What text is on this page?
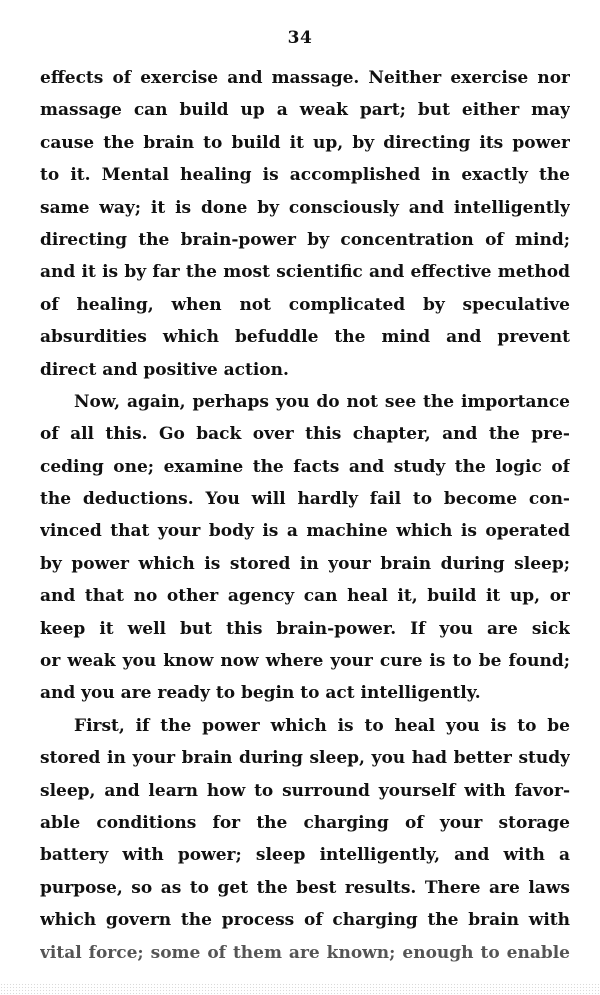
34
effects of exercise and massage. Neither exercise nor
massage can build up a weak part; but either may
cause the brain to build it up, by directing its power
to it. Mental healing is accomplished in exactly the
same way; it is done by consciously and intelligently
directing the brain-power by concentration of mind;
and it is by far the most scientific and effective method
of healing, when not complicated by speculative
absurdities which befuddle the mind and prevent
direct and positive action.
Now, again, perhaps you do not see the importance
of all this. Go back over this chapter, and the pre-
ceding one; examine the facts and study the logic of
the deductions. You will hardly fail to become con-
vinced that your body is a machine which is operated
by power which is stored in your brain during sleep;
and that no other agency can heal it, build it up, or
keep it well but this brain-power. If you are sick
or weak you know now where your cure is to be found;
and you are ready to begin to act intelligently.
First, if the power which is to heal you is to be
stored in your brain during sleep, you had better study
sleep, and learn how to surround yourself with favor-
able conditions for the charging of your storage
battery with power; sleep intelligently, and with a
purpose, so as to get the best results. There are laws
which govern the process of charging the brain with
vital force; some of them are known; enough to enable
